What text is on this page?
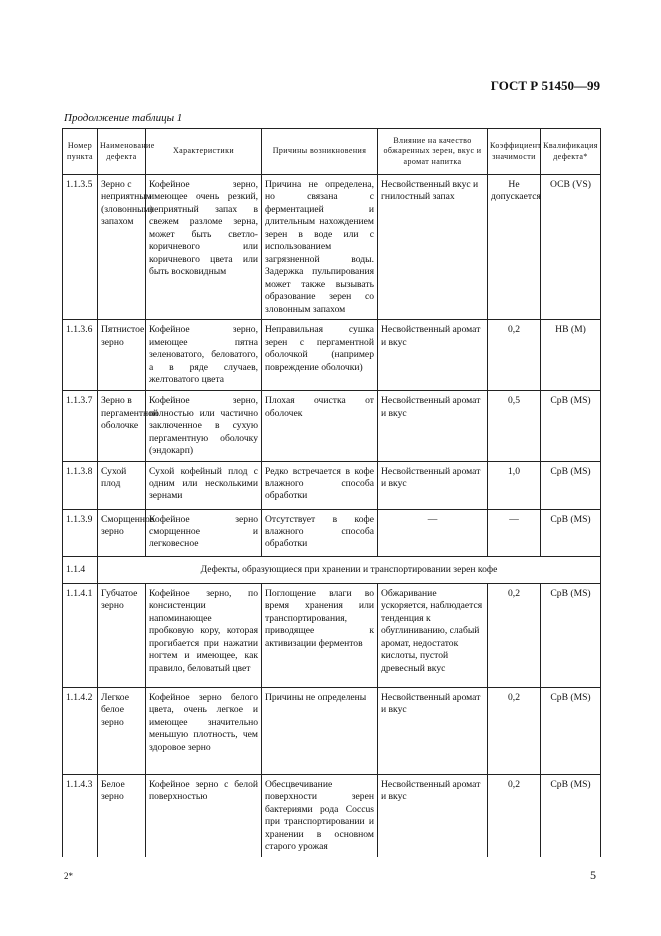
ГОСТ Р 51450—99
Продолжение таблицы 1
Номер пункта	Наименование дефекта	Характеристики	Причины возникновения	Влияние на качество обжаренных зерен, вкус и аромат напитка	Коэффициент значимости	Квалификация дефекта*
1.1.3.5	Зерно с неприятным (зловонным) запахом	Кофейное зерно, имеющее очень резкий, неприятный запах в свежем разломе зерна, может быть светло-коричневого или коричневого цвета или быть восковидным	Причина не определена, но связана с ферментацией и длительным нахождением зерен в воде или с использованием загрязненной воды. Задержка пульпирования может также вызывать образование зерен со зловонным запахом	Несвойственный вкус и гнилостный запах	Не допускается	ОСВ (VS)
1.1.3.6	Пятнистое зерно	Кофейное зерно, имеющее пятна зеленоватого, беловатого, а в ряде случаев, желтоватого цвета	Неправильная сушка зерен с пергаментной оболочкой (например повреждение оболочки)	Несвойственный аромат и вкус	0,2	НВ (М)
1.1.3.7	Зерно в пергаментной оболочке	Кофейное зерно, полностью или частично заключенное в сухую пергаментную оболочку (эндокарп)	Плохая очистка от оболочек	Несвойственный аромат и вкус	0,5	СрВ (MS)
1.1.3.8	Сухой плод	Сухой кофейный плод с одним или несколькими зернами	Редко встречается в кофе влажного способа обработки	Несвойственный аромат и вкус	1,0	СрВ (MS)
1.1.3.9	Сморщенное зерно	Кофейное зерно сморщенное и легковесное	Отсутствует в кофе влажного способа обработки	—	—	СрВ (MS)
1.1.4	Дефекты, образующиеся при хранении и транспортировании зерен кофе					
1.1.4.1	Губчатое зерно	Кофейное зерно, по консистенции напоминающее пробковую кору, которая прогибается при нажатии ногтем и имеющее, как правило, беловатый цвет	Поглощение влаги во время хранения или транспортирования, приводящее к активизации ферментов	Обжаривание ускоряется, наблюдается тенденция к обуглиниванию, слабый аромат, недостаток кислоты, пустой древесный вкус	0,2	СрВ (MS)
1.1.4.2	Легкое белое зерно	Кофейное зерно белого цвета, очень легкое и имеющее значительно меньшую плотность, чем здоровое зерно	Причины не определены	Несвойственный аромат и вкус	0,2	СрВ (MS)
1.1.4.3	Белое зерно	Кофейное зерно с белой поверхностью	Обесцвечивание поверхности зерен бактериями рода Coccus при транспортировании и хранении в основном старого урожая	Несвойственный аромат и вкус	0,2	СрВ (MS)
2*	5
